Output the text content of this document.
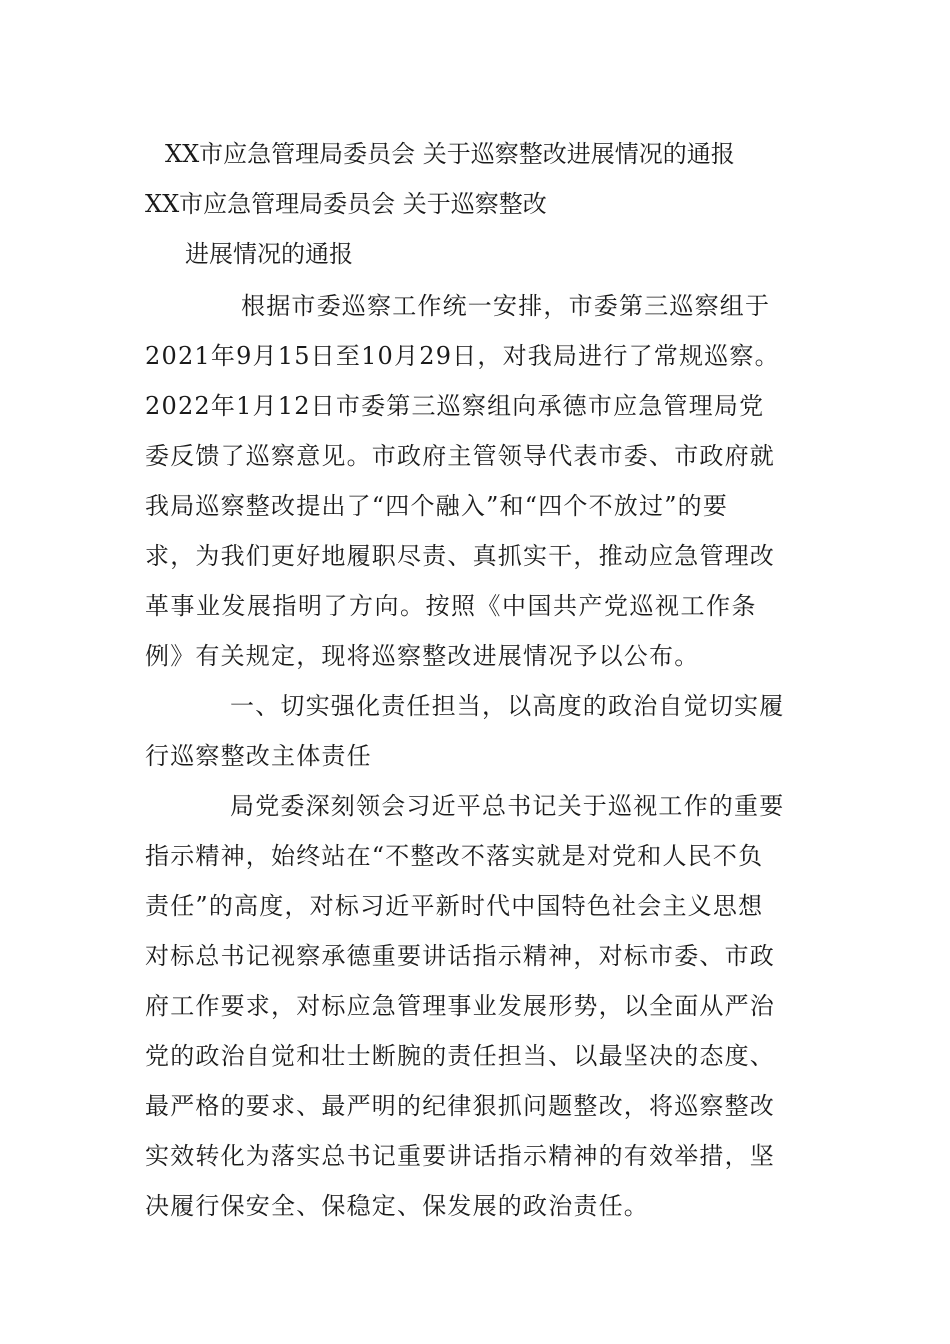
XX市应急管理局委员会 关于巡察整改进展情况的通报

XX市应急管理局委员会 关于巡察整改

进展情况的通报

根据市委巡察工作统一安排，市委第三巡察组于

2021年9月15日至10月29日，对我局进行了常规巡察。

2022年1月12日市委第三巡察组向承德市应急管理局党

委反馈了巡察意见。市政府主管领导代表市委、市政府就

我局巡察整改提出了“四个融入”和“四个不放过”的要

求，为我们更好地履职尽责、真抓实干，推动应急管理改

革事业发展指明了方向。按照《中国共产党巡视工作条

例》有关规定，现将巡察整改进展情况予以公布。

一、切实强化责任担当，以高度的政治自觉切实履

行巡察整改主体责任

局党委深刻领会习近平总书记关于巡视工作的重要

指示精神，始终站在“不整改不落实就是对党和人民不负

责任”的高度，对标习近平新时代中国特色社会主义思想

对标总书记视察承德重要讲话指示精神，对标市委、市政

府工作要求，对标应急管理事业发展形势，以全面从严治

党的政治自觉和壮士断腕的责任担当、以最坚决的态度、

最严格的要求、最严明的纪律狠抓问题整改，将巡察整改

实效转化为落实总书记重要讲话指示精神的有效举措，坚

决履行保安全、保稳定、保发展的政治责任。
